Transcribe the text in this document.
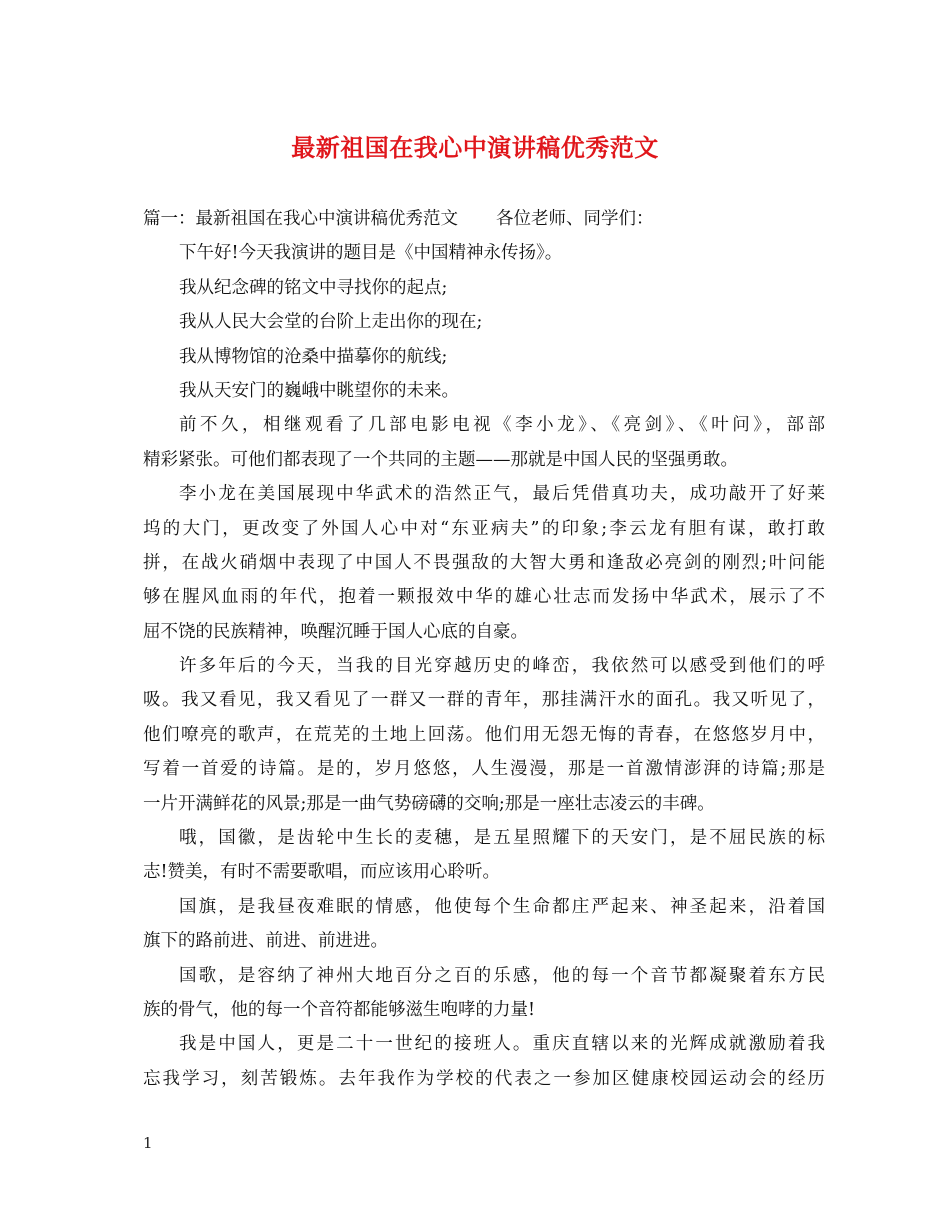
最新祖国在我心中演讲稿优秀范文
篇一：最新祖国在我心中演讲稿优秀范文 各位老师、同学们：
下午好!今天我演讲的题目是《中国精神永传扬》。
我从纪念碑的铭文中寻找你的起点;
我从人民大会堂的台阶上走出你的现在;
我从博物馆的沧桑中描摹你的航线;
我从天安门的巍峨中眺望你的未来。
前不久，相继观看了几部电影电视《李小龙》、《亮剑》、《叶问》，部部
精彩紧张。可他们都表现了一个共同的主题——那就是中国人民的坚强勇敢。
李小龙在美国展现中华武术的浩然正气，最后凭借真功夫，成功敲开了好莱
坞的大门，更改变了外国人心中对“东亚病夫”的印象;李云龙有胆有谋，敢打敢
拼，在战火硝烟中表现了中国人不畏强敌的大智大勇和逢敌必亮剑的刚烈;叶问能
够在腥风血雨的年代，抱着一颗报效中华的雄心壮志而发扬中华武术，展示了不
屈不饶的民族精神，唤醒沉睡于国人心底的自豪。
许多年后的今天，当我的目光穿越历史的峰峦，我依然可以感受到他们的呼
吸。我又看见，我又看见了一群又一群的青年，那挂满汗水的面孔。我又听见了，
他们嘹亮的歌声，在荒芜的土地上回荡。他们用无怨无悔的青春，在悠悠岁月中，
写着一首爱的诗篇。是的，岁月悠悠，人生漫漫，那是一首激情澎湃的诗篇;那是
一片开满鲜花的风景;那是一曲气势磅礴的交响;那是一座壮志凌云的丰碑。
哦，国徽，是齿轮中生长的麦穗，是五星照耀下的天安门，是不屈民族的标
志!赞美，有时不需要歌唱，而应该用心聆听。
国旗，是我昼夜难眠的情感，他使每个生命都庄严起来、神圣起来，沿着国
旗下的路前进、前进、前进进。
国歌，是容纳了神州大地百分之百的乐感，他的每一个音节都凝聚着东方民
族的骨气，他的每一个音符都能够滋生咆哮的力量!
我是中国人，更是二十一世纪的接班人。重庆直辖以来的光辉成就激励着我
忘我学习，刻苦锻炼。去年我作为学校的代表之一参加区健康校园运动会的经历
1
